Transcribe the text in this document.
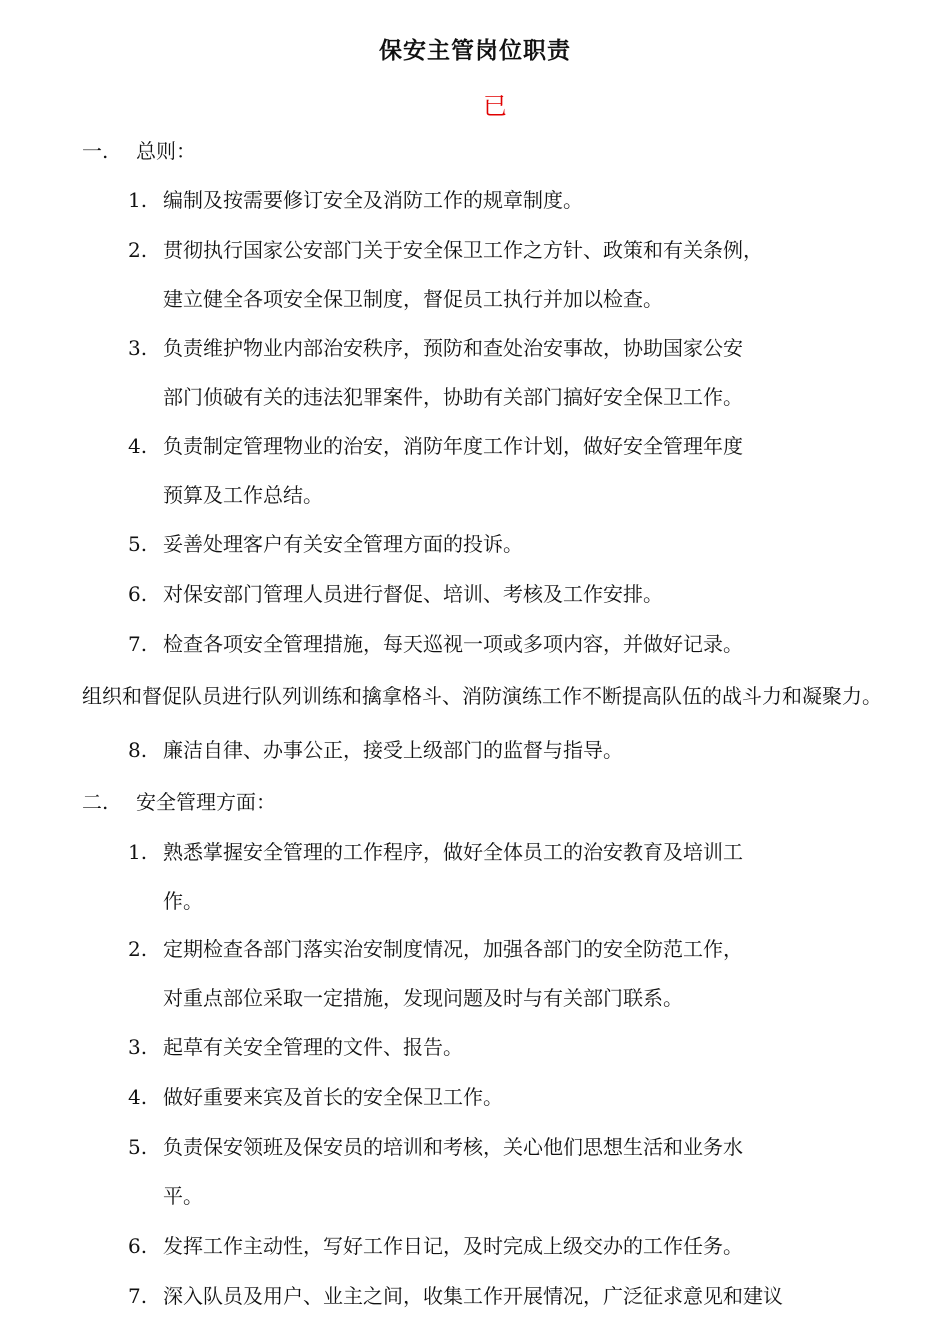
保安主管岗位职责
已
一. 总则：
1. 编制及按需要修订安全及消防工作的规章制度。
2. 贯彻执行国家公安部门关于安全保卫工作之方针、政策和有关条例，
建立健全各项安全保卫制度，督促员工执行并加以检查。
3. 负责维护物业内部治安秩序，预防和查处治安事故，协助国家公安
部门侦破有关的违法犯罪案件，协助有关部门搞好安全保卫工作。
4. 负责制定管理物业的治安，消防年度工作计划，做好安全管理年度
预算及工作总结。
5. 妥善处理客户有关安全管理方面的投诉。
6. 对保安部门管理人员进行督促、培训、考核及工作安排。
7. 检查各项安全管理措施，每天巡视一项或多项内容，并做好记录。
组织和督促队员进行队列训练和擒拿格斗、消防演练工作不断提高队伍的战斗力和凝聚力。
8. 廉洁自律、办事公正，接受上级部门的监督与指导。
二. 安全管理方面：
1. 熟悉掌握安全管理的工作程序，做好全体员工的治安教育及培训工
作。
2. 定期检查各部门落实治安制度情况，加强各部门的安全防范工作，
对重点部位采取一定措施，发现问题及时与有关部门联系。
3. 起草有关安全管理的文件、报告。
4. 做好重要来宾及首长的安全保卫工作。
5. 负责保安领班及保安员的培训和考核，关心他们思想生活和业务水
平。
6. 发挥工作主动性，写好工作日记，及时完成上级交办的工作任务。
7. 深入队员及用户、业主之间，收集工作开展情况，广泛征求意见和建议
